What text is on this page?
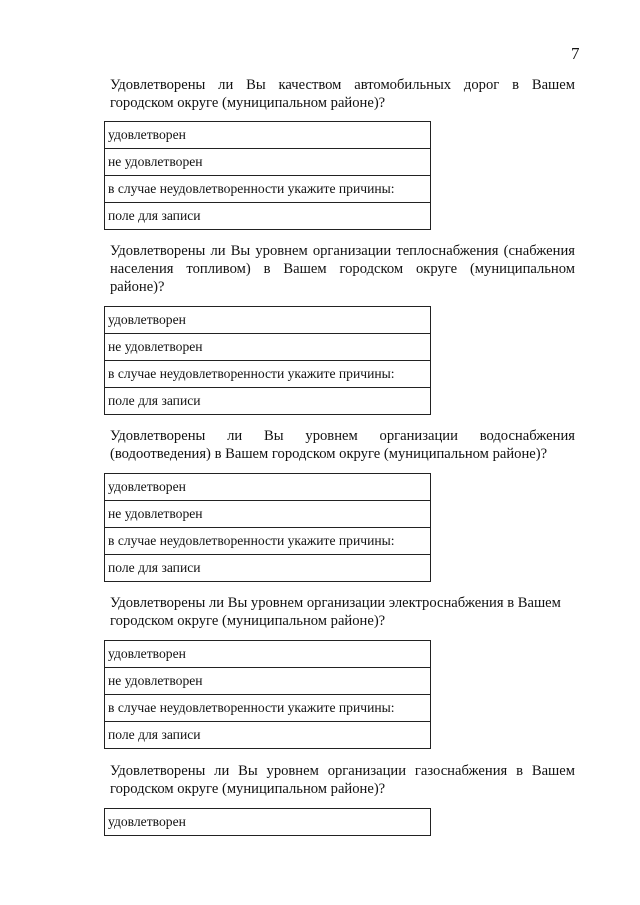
7
Удовлетворены ли Вы качеством автомобильных дорог в Вашем городском округе (муниципальном районе)?
удовлетворен
не удовлетворен
в случае неудовлетворенности укажите причины:
поле для записи
Удовлетворены ли Вы уровнем организации теплоснабжения (снабжения населения топливом) в Вашем городском округе (муниципальном районе)?
удовлетворен
не удовлетворен
в случае неудовлетворенности укажите причины:
поле для записи
Удовлетворены ли Вы уровнем организации водоснабжения (водоотведения) в Вашем городском округе (муниципальном районе)?
удовлетворен
не удовлетворен
в случае неудовлетворенности укажите причины:
поле для записи
Удовлетворены ли Вы уровнем организации электроснабжения в Вашем городском округе (муниципальном районе)?
удовлетворен
не удовлетворен
в случае неудовлетворенности укажите причины:
поле для записи
Удовлетворены ли Вы уровнем организации газоснабжения в Вашем городском округе (муниципальном районе)?
удовлетворен
